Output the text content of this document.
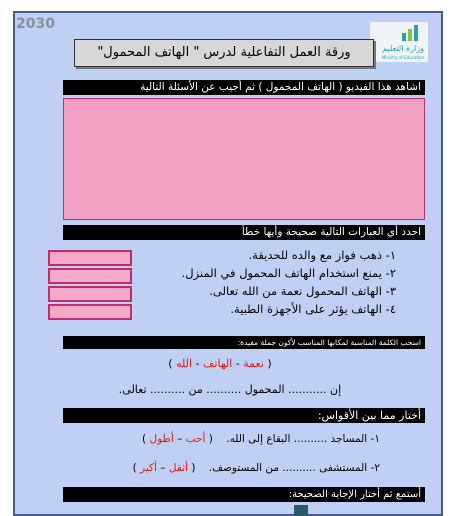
2030
وزارة التعليم
Ministry of Education
ورقة العمل التفاعلية لدرس " الهاتف المحمول"
اشاهد هذا الفيديو ( الهاتف المحمول ) ثم أجيب عن الأسئلة التالية
احدد أي العبارات التالية صحيحة وأيها خطأ
١- ذهب فواز مع والده للحديقة.
٢- يمنع استخدام الهاتف المحمول في المنزل.
٣- الهاتف المحمول نعمة من الله تعالى.
٤- الهاتف يؤثر على الأجهزة الطبية.
اسحب الكلمة المناسبة لمكانها المناسب لأكون جملة مفيدة:
( نعمة - الهاتف - الله )
إن ........... المحمول .......... من .......... تعالى.
أختار مما بين الأقواس:
١- المساجد .......... البقاع إلى الله.    ( أحب – أطول )
٢- المستشفى .......... من المستوصف.    ( أثقل – أكبر )
أستمع ثم أختار الإجابة الصحيحة:
